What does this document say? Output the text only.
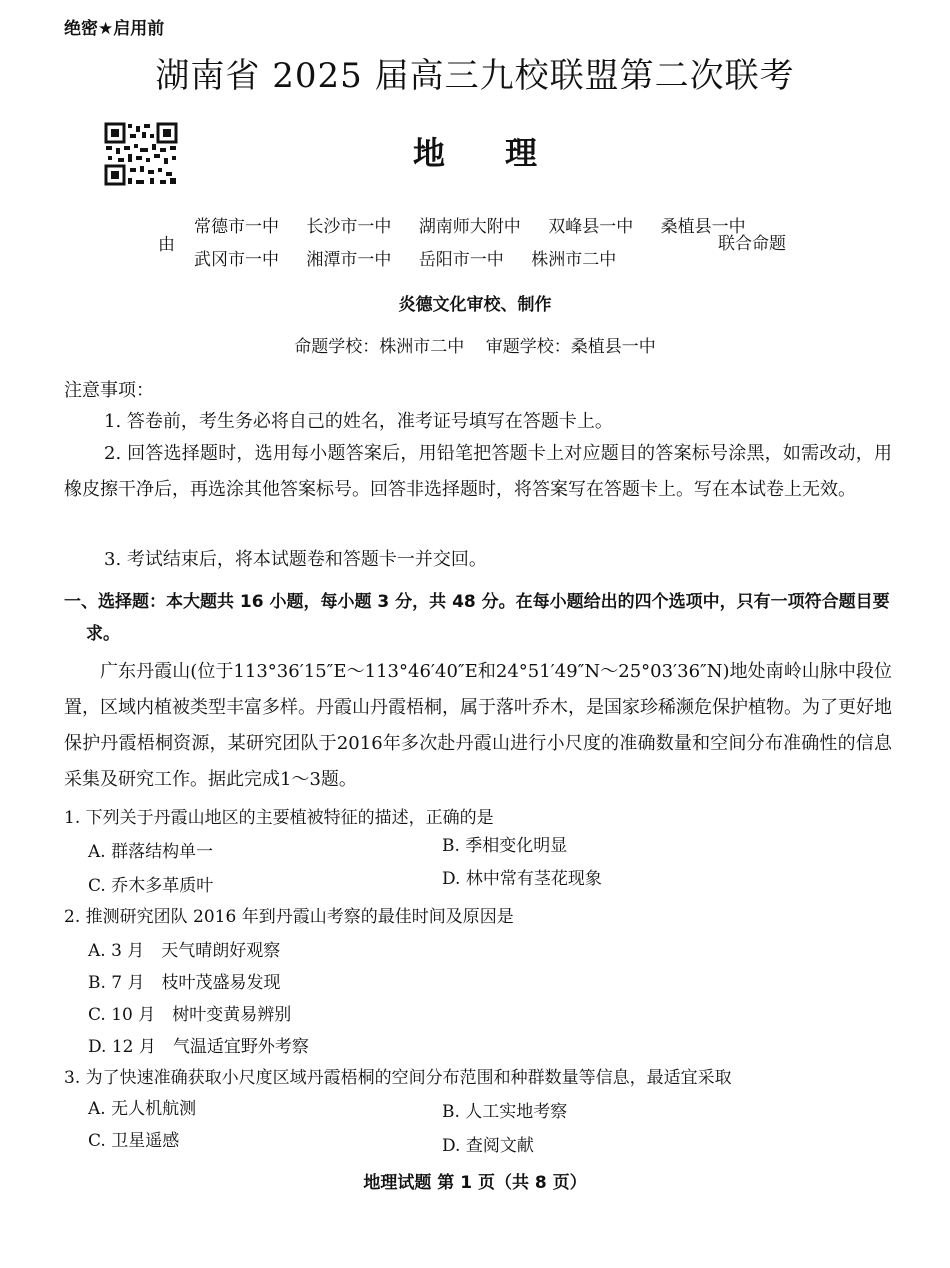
绝密★启用前
湖南省 2025 届高三九校联盟第二次联考
地 理
由
常德市一中 长沙市一中 湖南师大附中 双峰县一中 桑植县一中
武冈市一中 湘潭市一中 岳阳市一中 株洲市二中
联合命题
炎德文化审校、制作
命题学校：株洲市二中 审题学校：桑植县一中
注意事项：
1. 答卷前，考生务必将自己的姓名，准考证号填写在答题卡上。
2. 回答选择题时，选用每小题答案后，用铅笔把答题卡上对应题目的答案标号涂黑，如需改动，用橡皮擦干净后，再选涂其他答案标号。回答非选择题时，将答案写在答题卡上。写在本试卷上无效。
3. 考试结束后，将本试题卷和答题卡一并交回。
一、选择题：本大题共 16 小题，每小题 3 分，共 48 分。在每小题给出的四个选项中，只有一项符合题目要求。
广东丹霞山(位于113°36′15″E～113°46′40″E和24°51′49″N～25°03′36″N)地处南岭山脉中段位置，区域内植被类型丰富多样。丹霞山丹霞梧桐，属于落叶乔木，是国家珍稀濒危保护植物。为了更好地保护丹霞梧桐资源，某研究团队于2016年多次赴丹霞山进行小尺度的准确数量和空间分布准确性的信息采集及研究工作。据此完成1～3题。
1. 下列关于丹霞山地区的主要植被特征的描述，正确的是
A. 群落结构单一	B. 季相变化明显
C. 乔木多革质叶	D. 林中常有茎花现象
2. 推测研究团队 2016 年到丹霞山考察的最佳时间及原因是
A. 3 月　天气晴朗好观察
B. 7 月　枝叶茂盛易发现
C. 10 月　树叶变黄易辨别
D. 12 月　气温适宜野外考察
3. 为了快速准确获取小尺度区域丹霞梧桐的空间分布范围和种群数量等信息，最适宜采取
A. 无人机航测	B. 人工实地考察
C. 卫星遥感	D. 查阅文献
地理试题 第 1 页（共 8 页）
